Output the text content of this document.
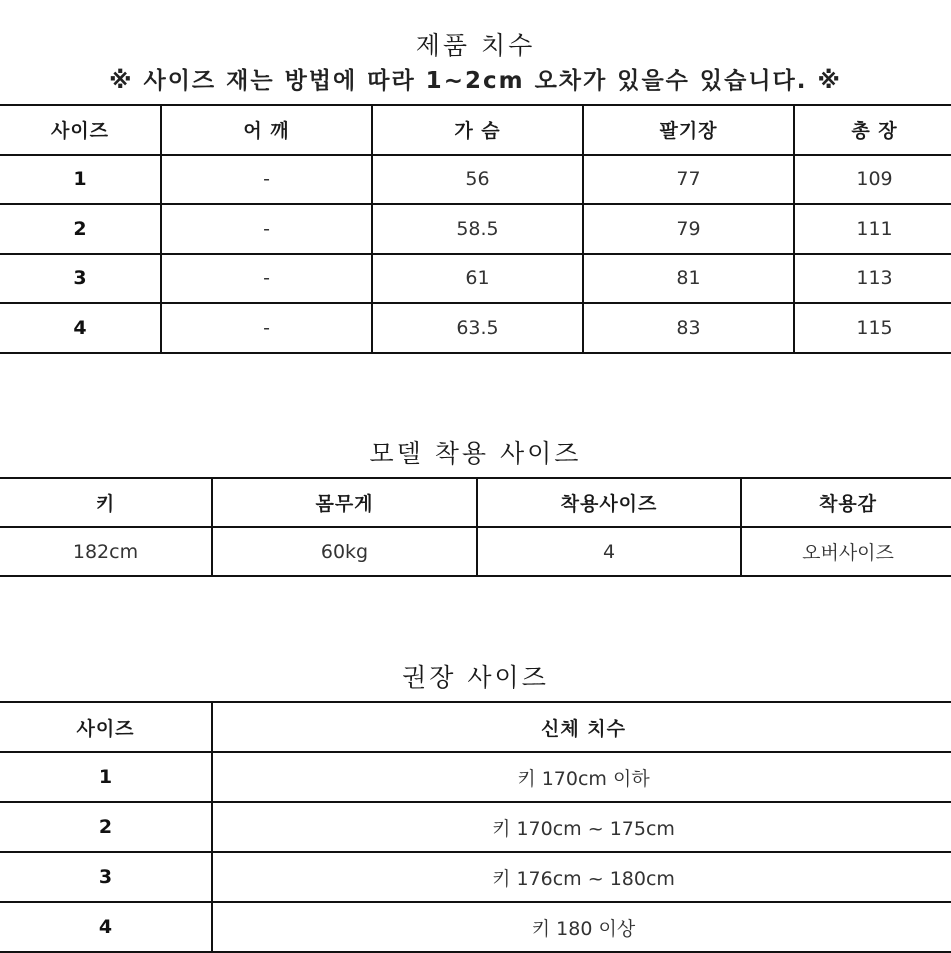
제품 치수
※ 사이즈 재는 방법에 따라 1~2cm 오차가 있을수 있습니다. ※
사이즈	어 깨	가 슴	팔기장	총 장
1	-	56	77	109
2	-	58.5	79	111
3	-	61	81	113
4	-	63.5	83	115
모델 착용 사이즈
키	몸무게	착용사이즈	착용감
182cm	60kg	4	오버사이즈
권장 사이즈
사이즈	신체 치수
1	키 170cm 이하
2	키 170cm ~ 175cm
3	키 176cm ~ 180cm
4	키 180 이상
